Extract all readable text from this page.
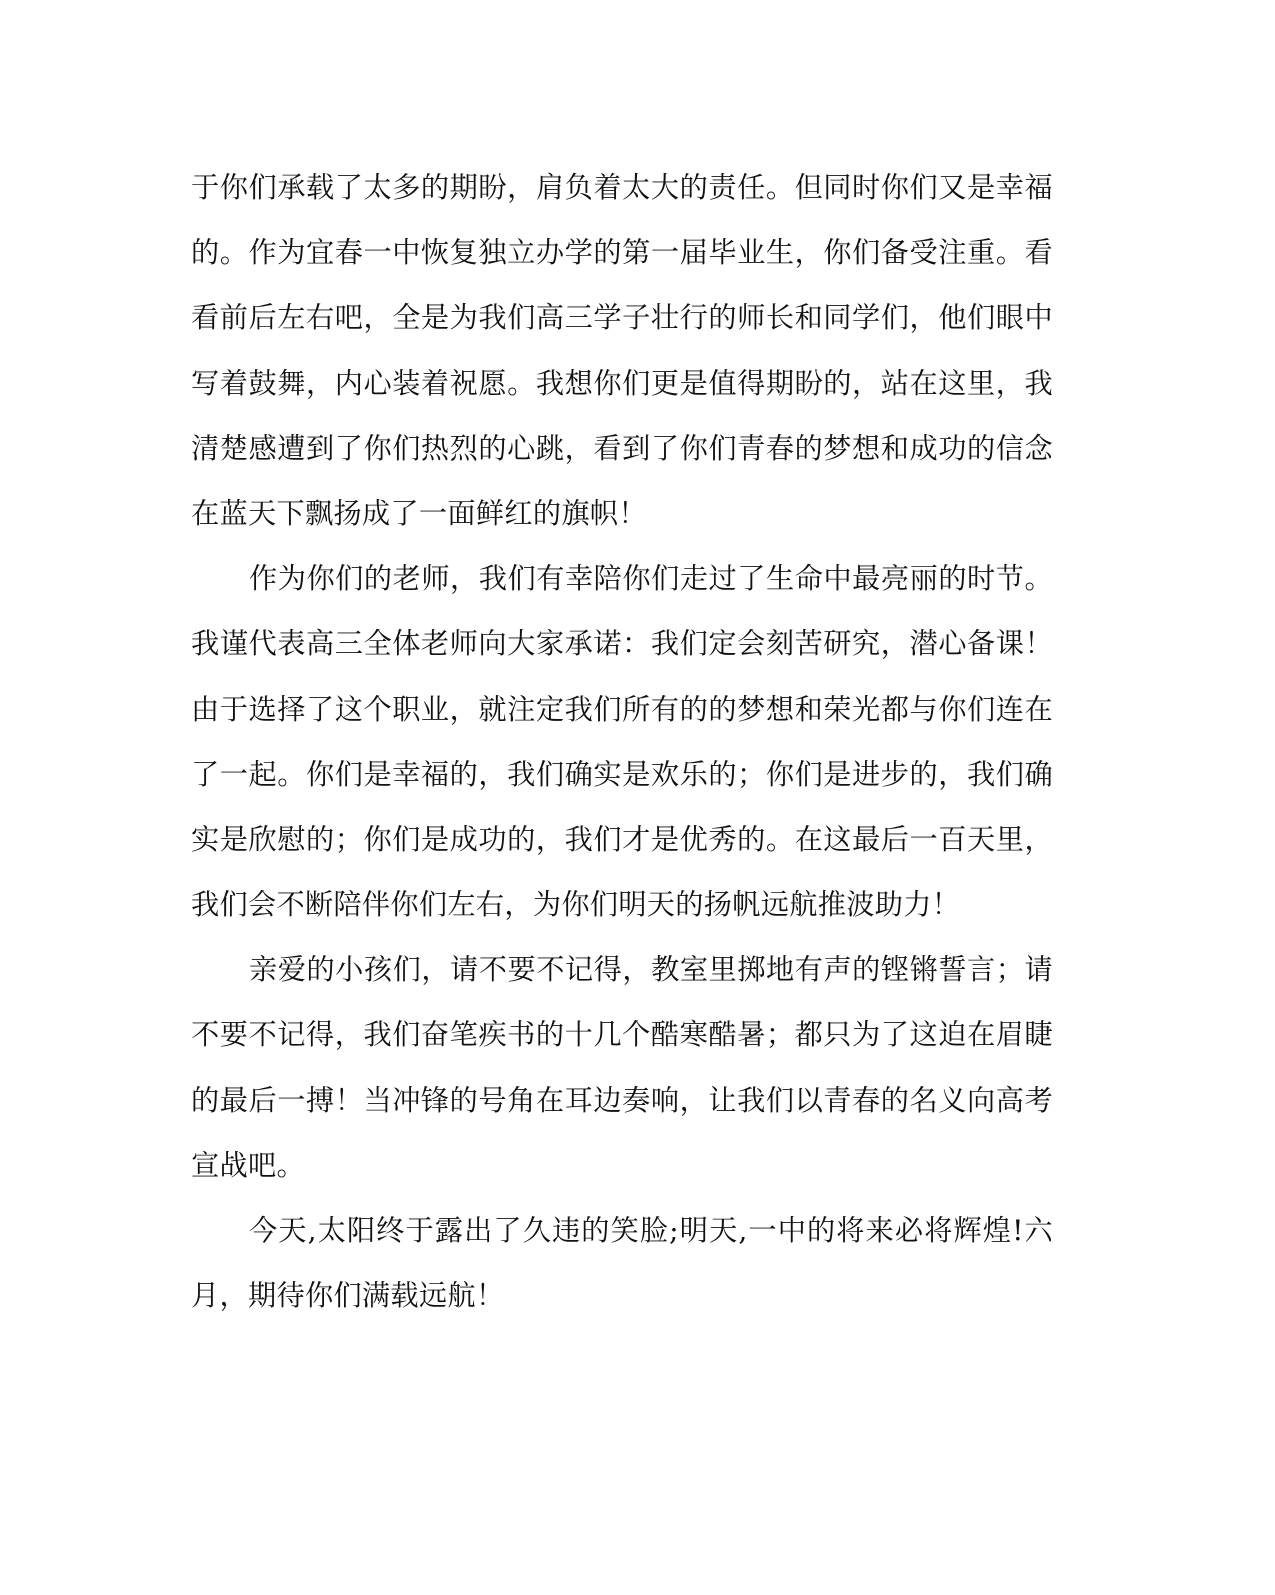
于你们承载了太多的期盼，肩负着太大的责任。但同时你们又是幸福
的。作为宜春一中恢复独立办学的第一届毕业生，你们备受注重。看
看前后左右吧，全是为我们高三学子壮行的师长和同学们，他们眼中
写着鼓舞，内心装着祝愿。我想你们更是值得期盼的，站在这里，我
清楚感遭到了你们热烈的心跳，看到了你们青春的梦想和成功的信念
在蓝天下飘扬成了一面鲜红的旗帜！
作为你们的老师，我们有幸陪你们走过了生命中最亮丽的时节。
我谨代表高三全体老师向大家承诺：我们定会刻苦研究，潜心备课！
由于选择了这个职业，就注定我们所有的的梦想和荣光都与你们连在
了一起。你们是幸福的，我们确实是欢乐的；你们是进步的，我们确
实是欣慰的；你们是成功的，我们才是优秀的。在这最后一百天里，
我们会不断陪伴你们左右，为你们明天的扬帆远航推波助力！
亲爱的小孩们，请不要不记得，教室里掷地有声的铿锵誓言；请
不要不记得，我们奋笔疾书的十几个酷寒酷暑；都只为了这迫在眉睫
的最后一搏！当冲锋的号角在耳边奏响，让我们以青春的名义向高考
宣战吧。
今天,太阳终于露出了久违的笑脸;明天,一中的将来必将辉煌!六
月，期待你们满载远航！
